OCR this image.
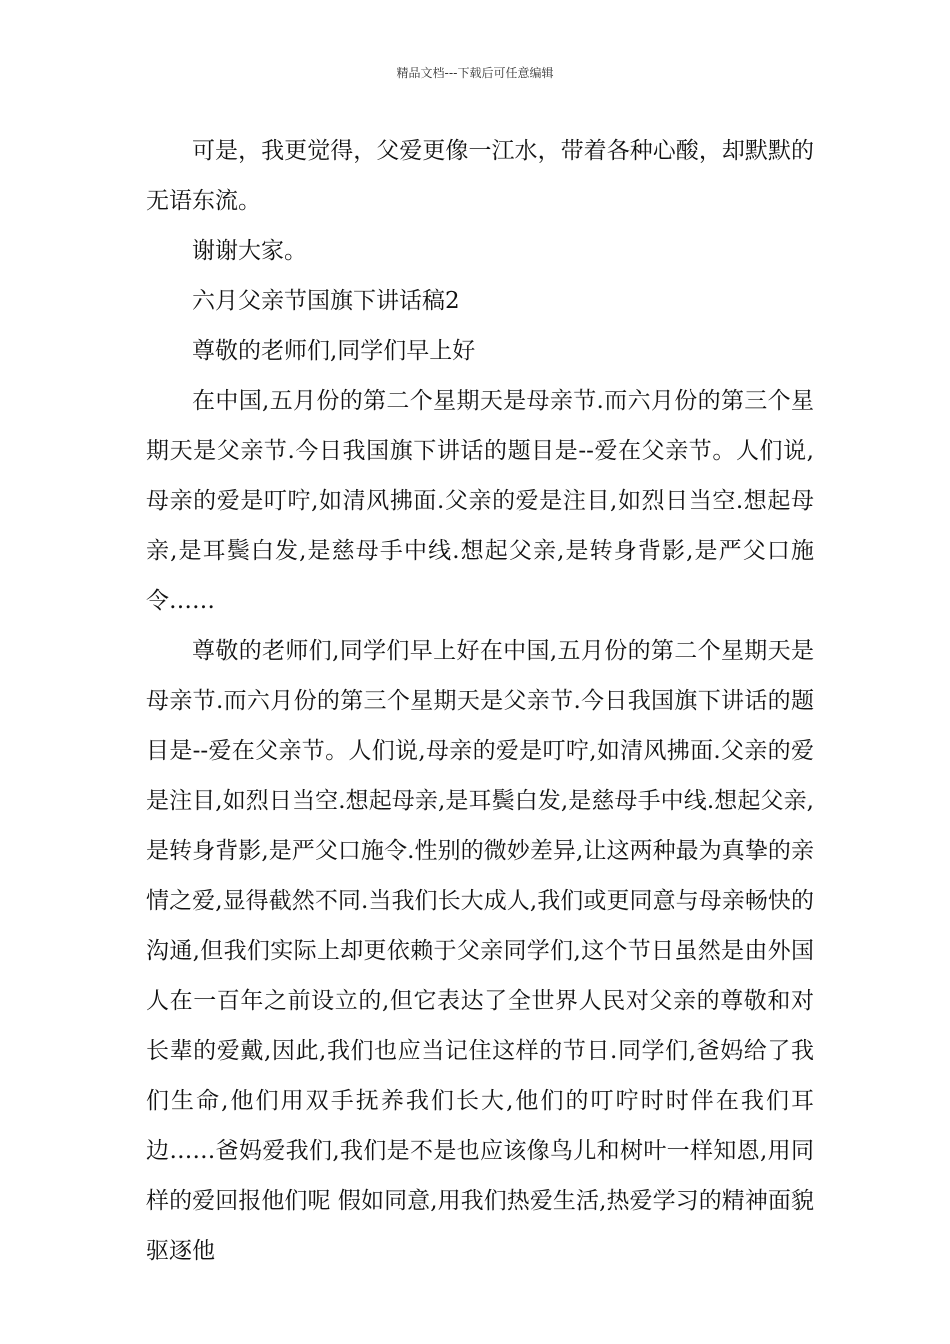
精品文档---下载后可任意编辑

可是，我更觉得，父爱更像一江水，带着各种心酸，却默默的无语东流。

谢谢大家。

六月父亲节国旗下讲话稿2

尊敬的老师们,同学们早上好

在中国,五月份的第二个星期天是母亲节.而六月份的第三个星期天是父亲节.今日我国旗下讲话的题目是--爱在父亲节。人们说,母亲的爱是叮咛,如清风拂面.父亲的爱是注目,如烈日当空.想起母亲,是耳鬓白发,是慈母手中线.想起父亲,是转身背影,是严父口施令……

尊敬的老师们,同学们早上好在中国,五月份的第二个星期天是母亲节.而六月份的第三个星期天是父亲节.今日我国旗下讲话的题目是--爱在父亲节。人们说,母亲的爱是叮咛,如清风拂面.父亲的爱是注目,如烈日当空.想起母亲,是耳鬓白发,是慈母手中线.想起父亲,是转身背影,是严父口施令.性别的微妙差异,让这两种最为真挚的亲情之爱,显得截然不同.当我们长大成人,我们或更同意与母亲畅快的沟通,但我们实际上却更依赖于父亲同学们,这个节日虽然是由外国人在一百年之前设立的,但它表达了全世界人民对父亲的尊敬和对长辈的爱戴,因此,我们也应当记住这样的节日.同学们,爸妈给了我们生命,他们用双手抚养我们长大,他们的叮咛时时伴在我们耳边……爸妈爱我们,我们是不是也应该像鸟儿和树叶一样知恩,用同样的爱回报他们呢 假如同意,用我们热爱生活,热爱学习的精神面貌驱逐他
